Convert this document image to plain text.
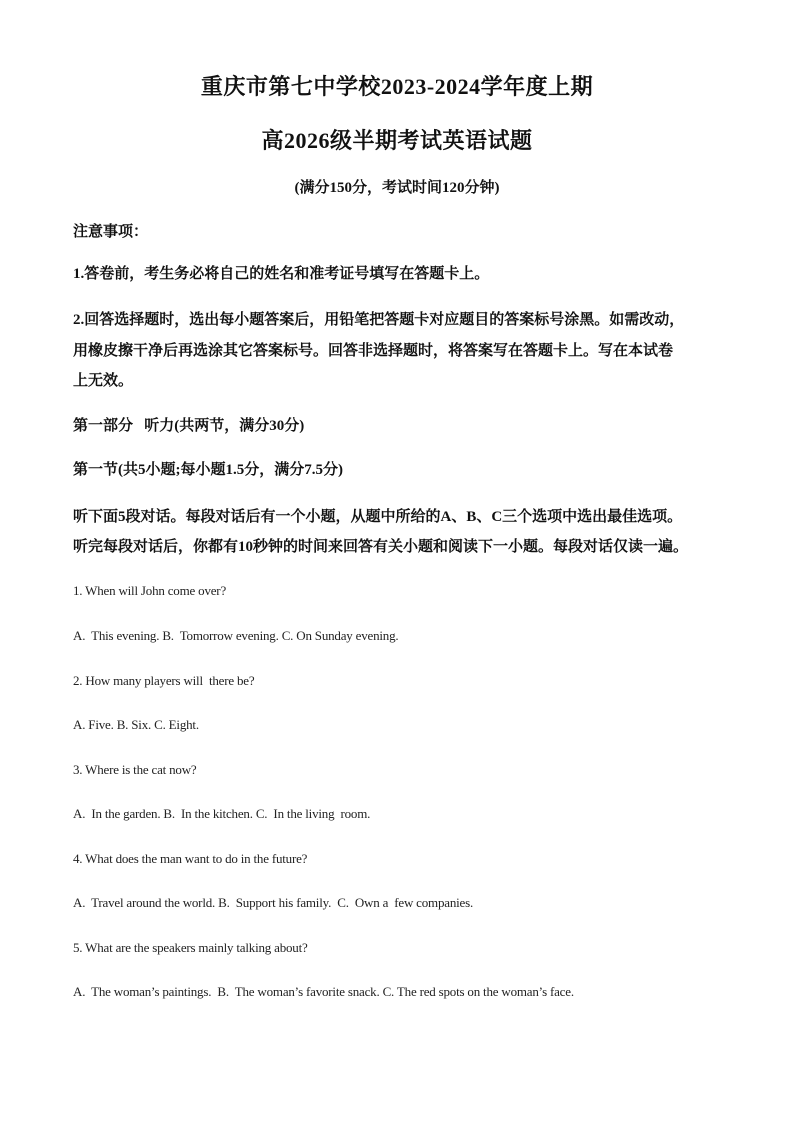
重庆市第七中学校2023-2024学年度上期
高2026级半期考试英语试题
(满分150分，考试时间120分钟)
注意事项：
1.答卷前，考生务必将自己的姓名和准考证号填写在答题卡上。
2.回答选择题时，选出每小题答案后，用铅笔把答题卡对应题目的答案标号涂黑。如需改动，
用橡皮擦干净后再选涂其它答案标号。回答非选择题时，将答案写在答题卡上。写在本试卷
上无效。
第一部分   听力(共两节，满分30分)
第一节(共5小题;每小题1.5分，满分7.5分)
听下面5段对话。每段对话后有一个小题，从题中所给的A、B、C三个选项中选出最佳选项。
听完每段对话后，你都有10秒钟的时间来回答有关小题和阅读下一小题。每段对话仅读一遍。
1. When will John come over?
A.  This evening. B.  Tomorrow evening. C. On Sunday evening.
2. How many players will  there be?
A. Five. B. Six. C. Eight.
3. Where is the cat now?
A.  In the garden. B.  In the kitchen. C.  In the living  room.
4. What does the man want to do in the future?
A.  Travel around the world. B.  Support his family.  C.  Own a  few companies.
5. What are the speakers mainly talking about?
A.  The woman’s paintings.  B.  The woman’s favorite snack. C. The red spots on the woman’s face.
